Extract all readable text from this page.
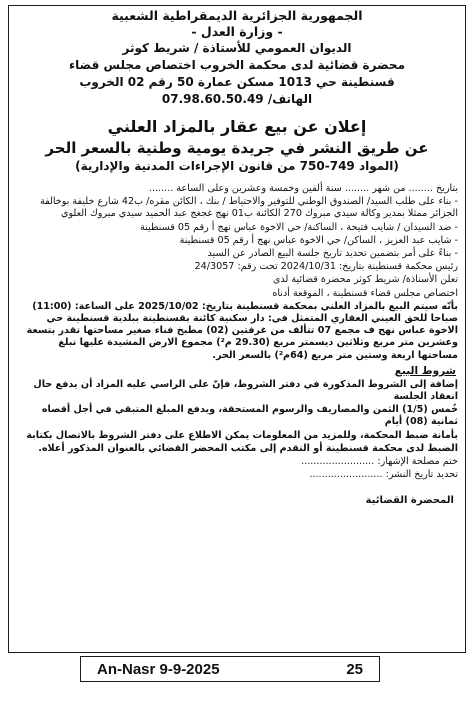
الجمهورية الجزائرية الديمقراطية الشعبية
- وزارة العدل -
الديوان العمومي للأستاذة / شريط كوثر
محضرة قضائية لدى محكمة الخروب اختصاص مجلس قضاء
قسنطينة حي 1013 مسكن عمارة 50 رقم 02 الخروب
الهاتف/ 07.98.60.50.49
إعلان عن بيع عقار بالمزاد العلني
عن طريق النشر في جريدة يومية وطنية بالسعر الحر
(المواد 749-750 من قانون الإجراءات المدنية والإدارية)
بتاريخ ........ من شهر ........ سنة ألفين وخمسة وعشرين وعلى الساعة ........
- بناء على طلب السيد/ الصندوق الوطني للتوفير والاحتياط / بنك ، الكائن مقره/ ب42 شارع خليفة بوخالفة الجزائر ممثلا بمدير وكالة سيدي مبروك 270 الكائنة ب01 نهج غجغج عبد الحميد سيدي مبروك العلوي
- ضد السيدان / شايب فتيحة ، الساكنة/ حي الاخوة عباس نهج أ رقم 05 قسنطينة
- شايب عبد العزيز ، الساكن/ حي الاخوة عباس نهج أ رقم 05 قسنطينة
- بناءً على أمر بتضمين تحديد تاريخ جلسة البيع الصادر عن السيد
رئيس محكمة قسنطينة بتاريخ: 2024/10/31 تحت رقم: 24/3057
تعلن الأستاذة/ شريط كوثر محضرة قضائية لدى
اختصاص مجلس قضاء قسنطينة ، الموقعة أدناه
بأنّه سيتم البيع بالمزاد العلني بمحكمة قسنطينة بتاريخ: 2025/10/02 على الساعة: (11:00) صباحا للحق العيني العقاري المتمثل في: دار سكنية كائنة بقسنطينة ببلدية قسنطينة حي الاخوة عباس نهج ف مجمع 07 تتألف من غرفتين (02) مطبخ فناء صغير مساحتها تقدر بتسعة وعشرين متر مربع وثلاثين ديسمتر مربع (29.30 م²) مجموع الارض المشيدة عليها تبلغ مساحتها اربعة وستين متر مربع (64م²) بالسعر الحر.
شروط البيع
إضافة إلى الشروط المذكورة في دفتر الشروط، فإنّ على الراسي عليه المزاد أن يدفع حال انعقاد الجلسة
خُمس (1/5) الثمن والمصاريف والرسوم المستحقة، ويدفع المبلغ المتبقي في أجل أقصاه ثمانية (08) أيام
بأمانة ضبط المحكمة، وللمزيد من المعلومات يمكن الاطلاع على دفتر الشروط بالاتصال بكتابة
الضبط لدى محكمة قسنطينة أو التقدم إلى مكتب المحضر القضائي بالعنوان المذكور أعلاه.
ختم مصلحة الإشهار: ........................
تحديد تاريخ النشر: ........................
المحضرة القضائية
An-Nasr 9-9-2025	25
